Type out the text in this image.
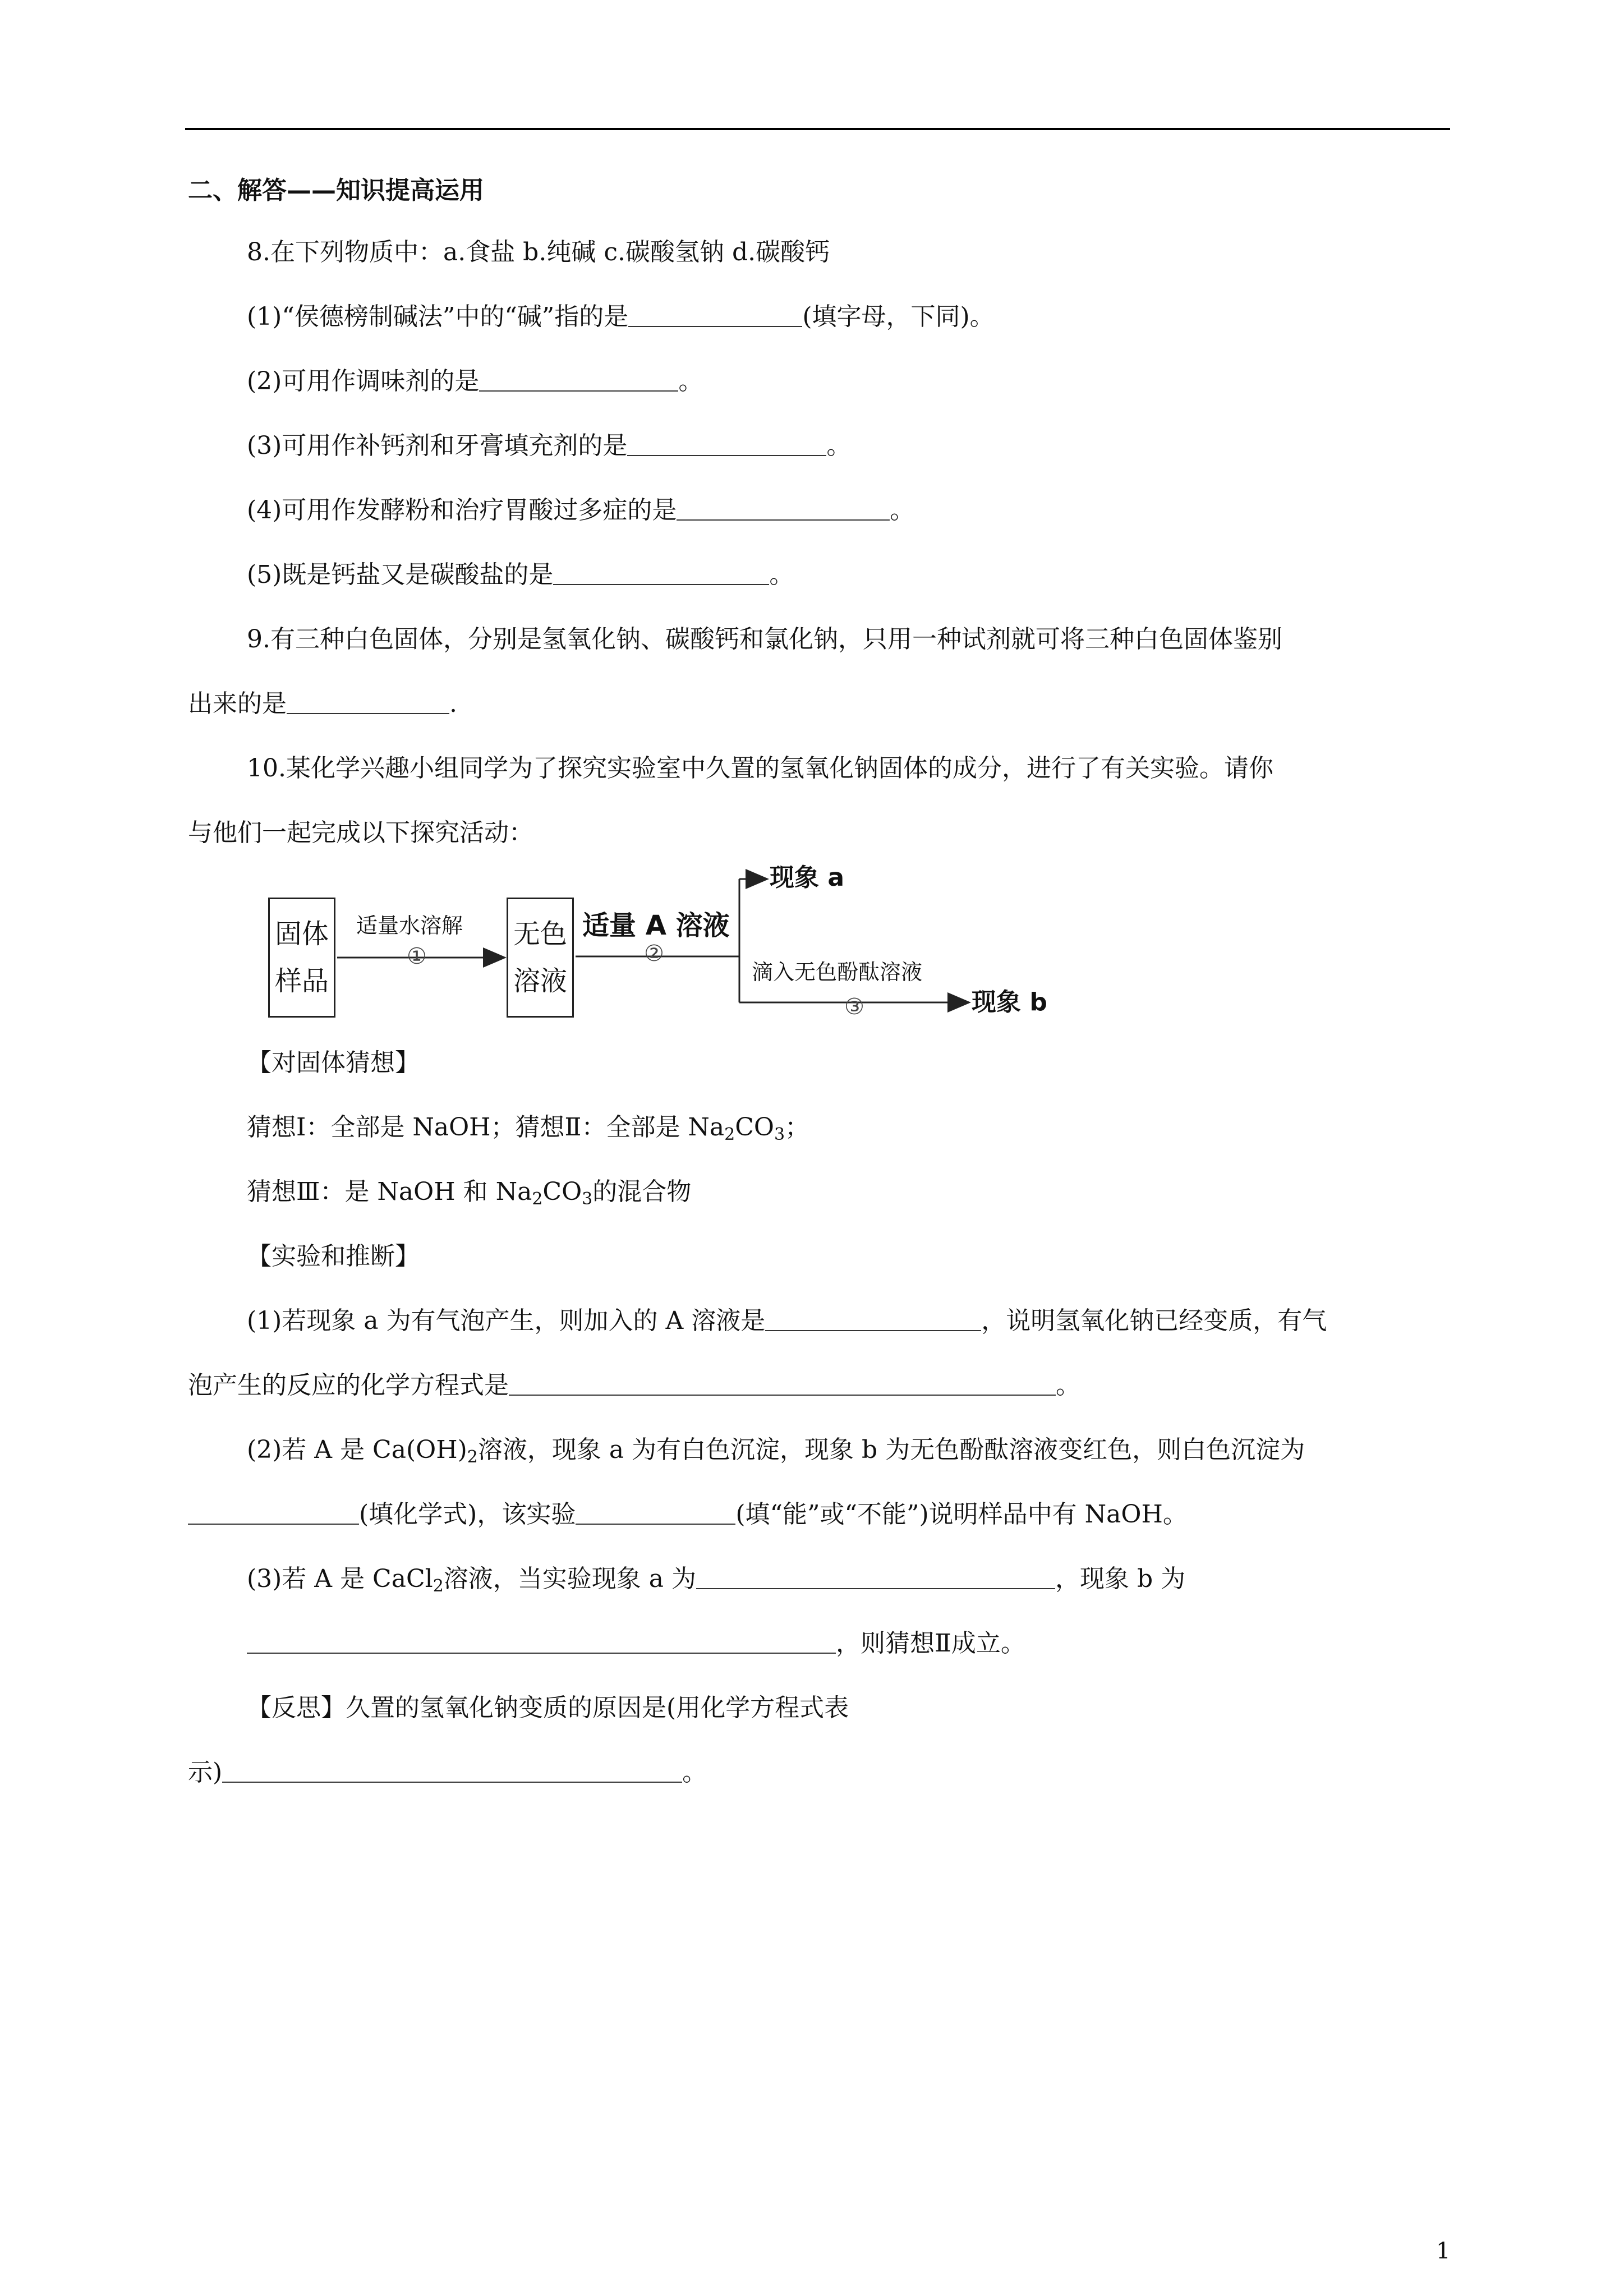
二、解答——知识提高运用
8.在下列物质中：a.食盐 b.纯碱 c.碳酸氢钠 d.碳酸钙
(1)“侯德榜制碱法”中的“碱”指的是	(填字母，下同)。
(2)可用作调味剂的是	。
(3)可用作补钙剂和牙膏填充剂的是	。
(4)可用作发酵粉和治疗胃酸过多症的是	。
(5)既是钙盐又是碳酸盐的是	。
9.有三种白色固体，分别是氢氧化钠、碳酸钙和氯化钠，只用一种试剂就可将三种白色固体鉴别
出来的是	.
10.某化学兴趣小组同学为了探究实验室中久置的氢氧化钠固体的成分，进行了有关实验。请你
与他们一起完成以下探究活动：
固体
样品
无色
溶液
适量水溶解
①
适量 A 溶液
②
现象 a
滴入无色酚酞溶液
③	现象 b
【对固体猜想】
猜想Ⅰ：全部是 NaOH；猜想Ⅱ：全部是 $Na_2CO_3$；
猜想Ⅲ：是 NaOH 和 $Na_2CO_3$的混合物
【实验和推断】
(1)若现象 a 为有气泡产生，则加入的 A 溶液是	，说明氢氧化钠已经变质，有气
泡产生的反应的化学方程式是	。
(2)若 A 是 $Ca(OH)_2$溶液，现象 a 为有白色沉淀，现象 b 为无色酚酞溶液变红色，则白色沉淀为
(填化学式)，该实验	(填“能”或“不能”)说明样品中有 NaOH。
(3)若 A 是 CaCl$_2$溶液，当实验现象 a 为	，现象 b 为
，则猜想Ⅱ成立。
【反思】久置的氢氧化钠变质的原因是(用化学方程式表
示)	。
1
